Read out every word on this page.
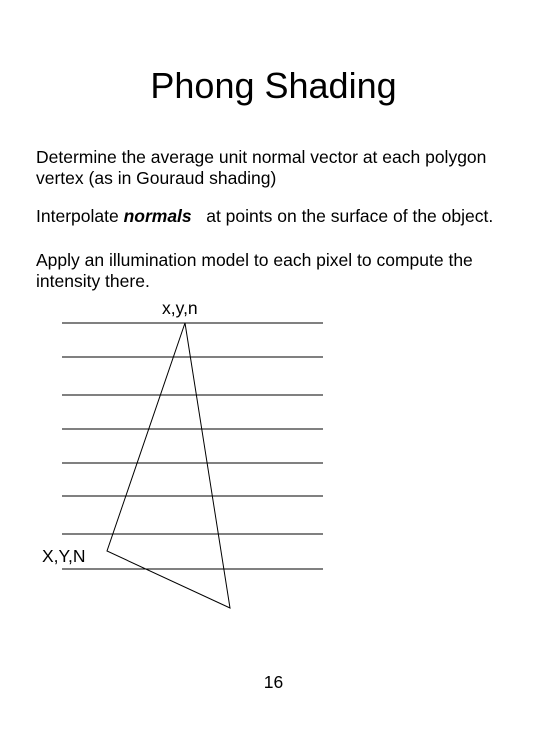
Phong Shading
Determine the average unit normal vector at each polygon vertex (as in Gouraud shading)
Interpolate normals   at points on the surface of the object.
Apply an illumination model to each pixel to compute the intensity there.
x,y,n
X,Y,N
16
